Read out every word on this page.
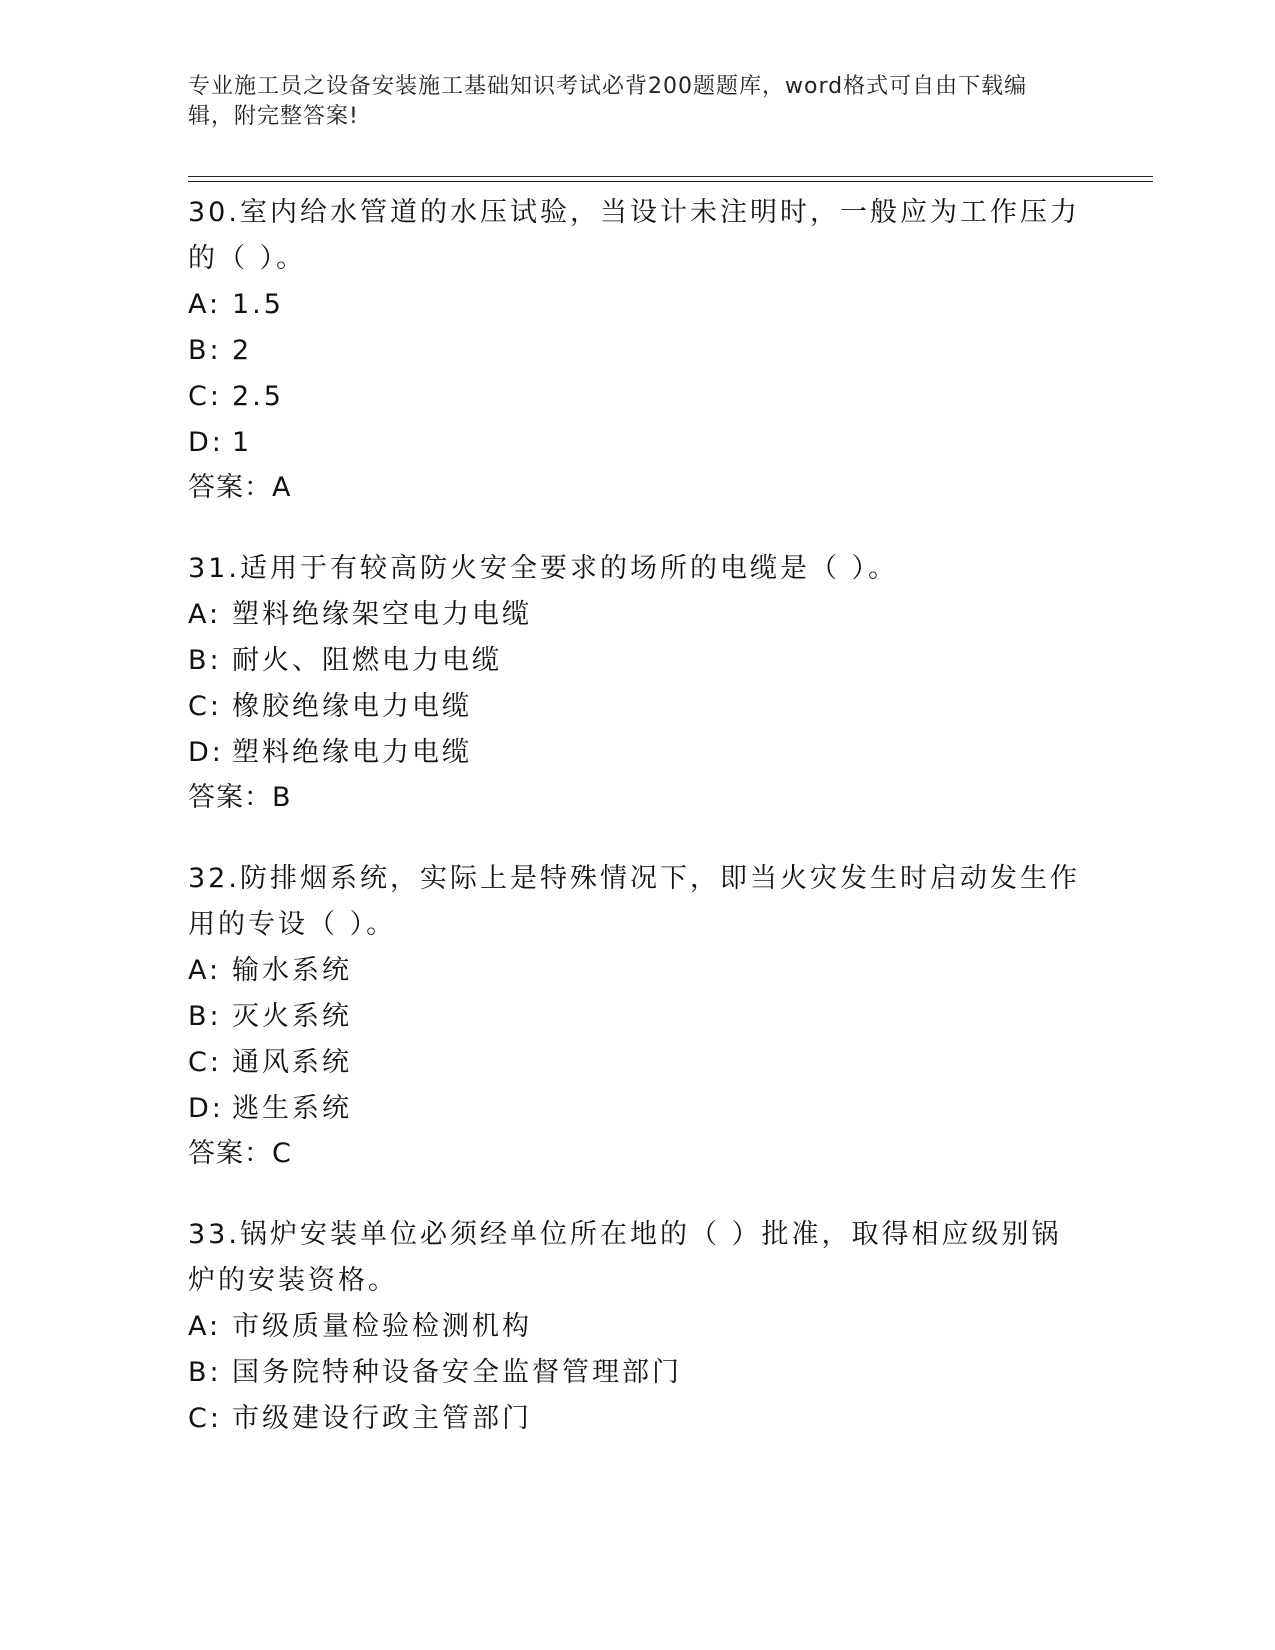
专业施工员之设备安装施工基础知识考试必背200题题库，word格式可自由下载编辑，附完整答案!
30.室内给水管道的水压试验，当设计未注明时，一般应为工作压力的（ ）。
A: 1.5
B: 2
C: 2.5
D: 1
答案：A
31.适用于有较高防火安全要求的场所的电缆是（ ）。
A: 塑料绝缘架空电力电缆
B: 耐火、阻燃电力电缆
C: 橡胶绝缘电力电缆
D: 塑料绝缘电力电缆
答案：B
32.防排烟系统，实际上是特殊情况下，即当火灾发生时启动发生作用的专设（ ）。
A: 输水系统
B: 灭火系统
C: 通风系统
D: 逃生系统
答案：C
33.锅炉安装单位必须经单位所在地的（ ）批准，取得相应级别锅炉的安装资格。
A: 市级质量检验检测机构
B: 国务院特种设备安全监督管理部门
C: 市级建设行政主管部门
